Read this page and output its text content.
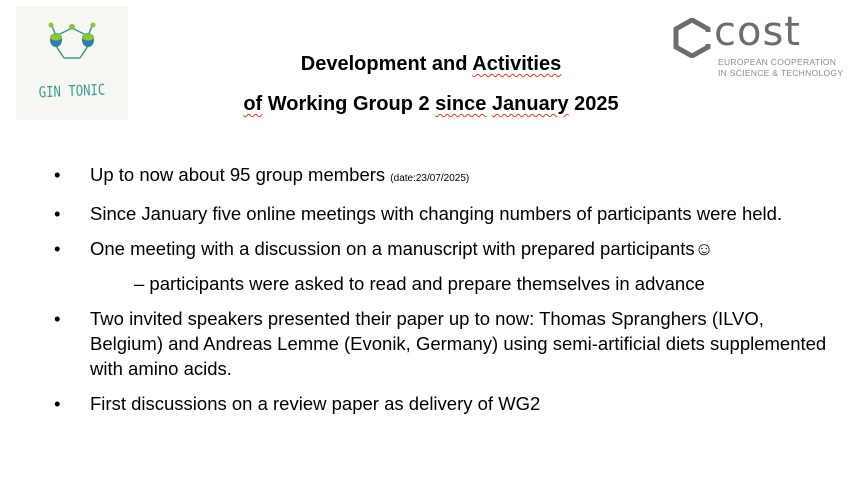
GIN TONIC
cost
EUROPEAN COOPERATION
IN SCIENCE & TECHNOLOGY
Development and Activities
of Working Group 2 since January 2025
• Up to now about 95 group members (date:23/07/2025)
• Since January five online meetings with changing numbers of participants were held.
• One meeting with a discussion on a manuscript with prepared participants☺
– participants were asked to read and prepare themselves in advance
• Two invited speakers presented their paper up to now: Thomas Spranghers (ILVO, Belgium) and Andreas Lemme (Evonik, Germany) using semi-artificial diets supplemented with amino acids.
• First discussions on a review paper as delivery of WG2
